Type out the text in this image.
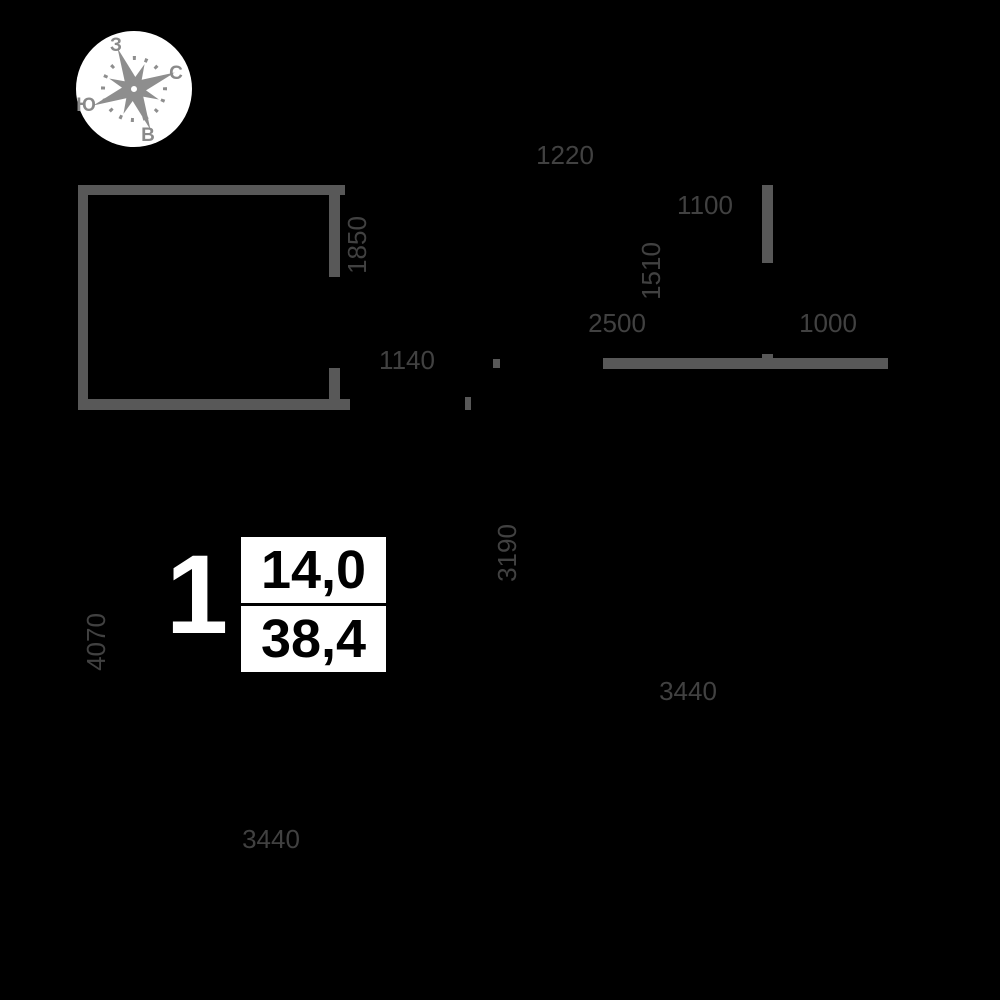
З
С
Ю
В
1220
1100
1510
2500	1000
1850
1140
3190
4070
3440
3440
1 14,0
38,4
